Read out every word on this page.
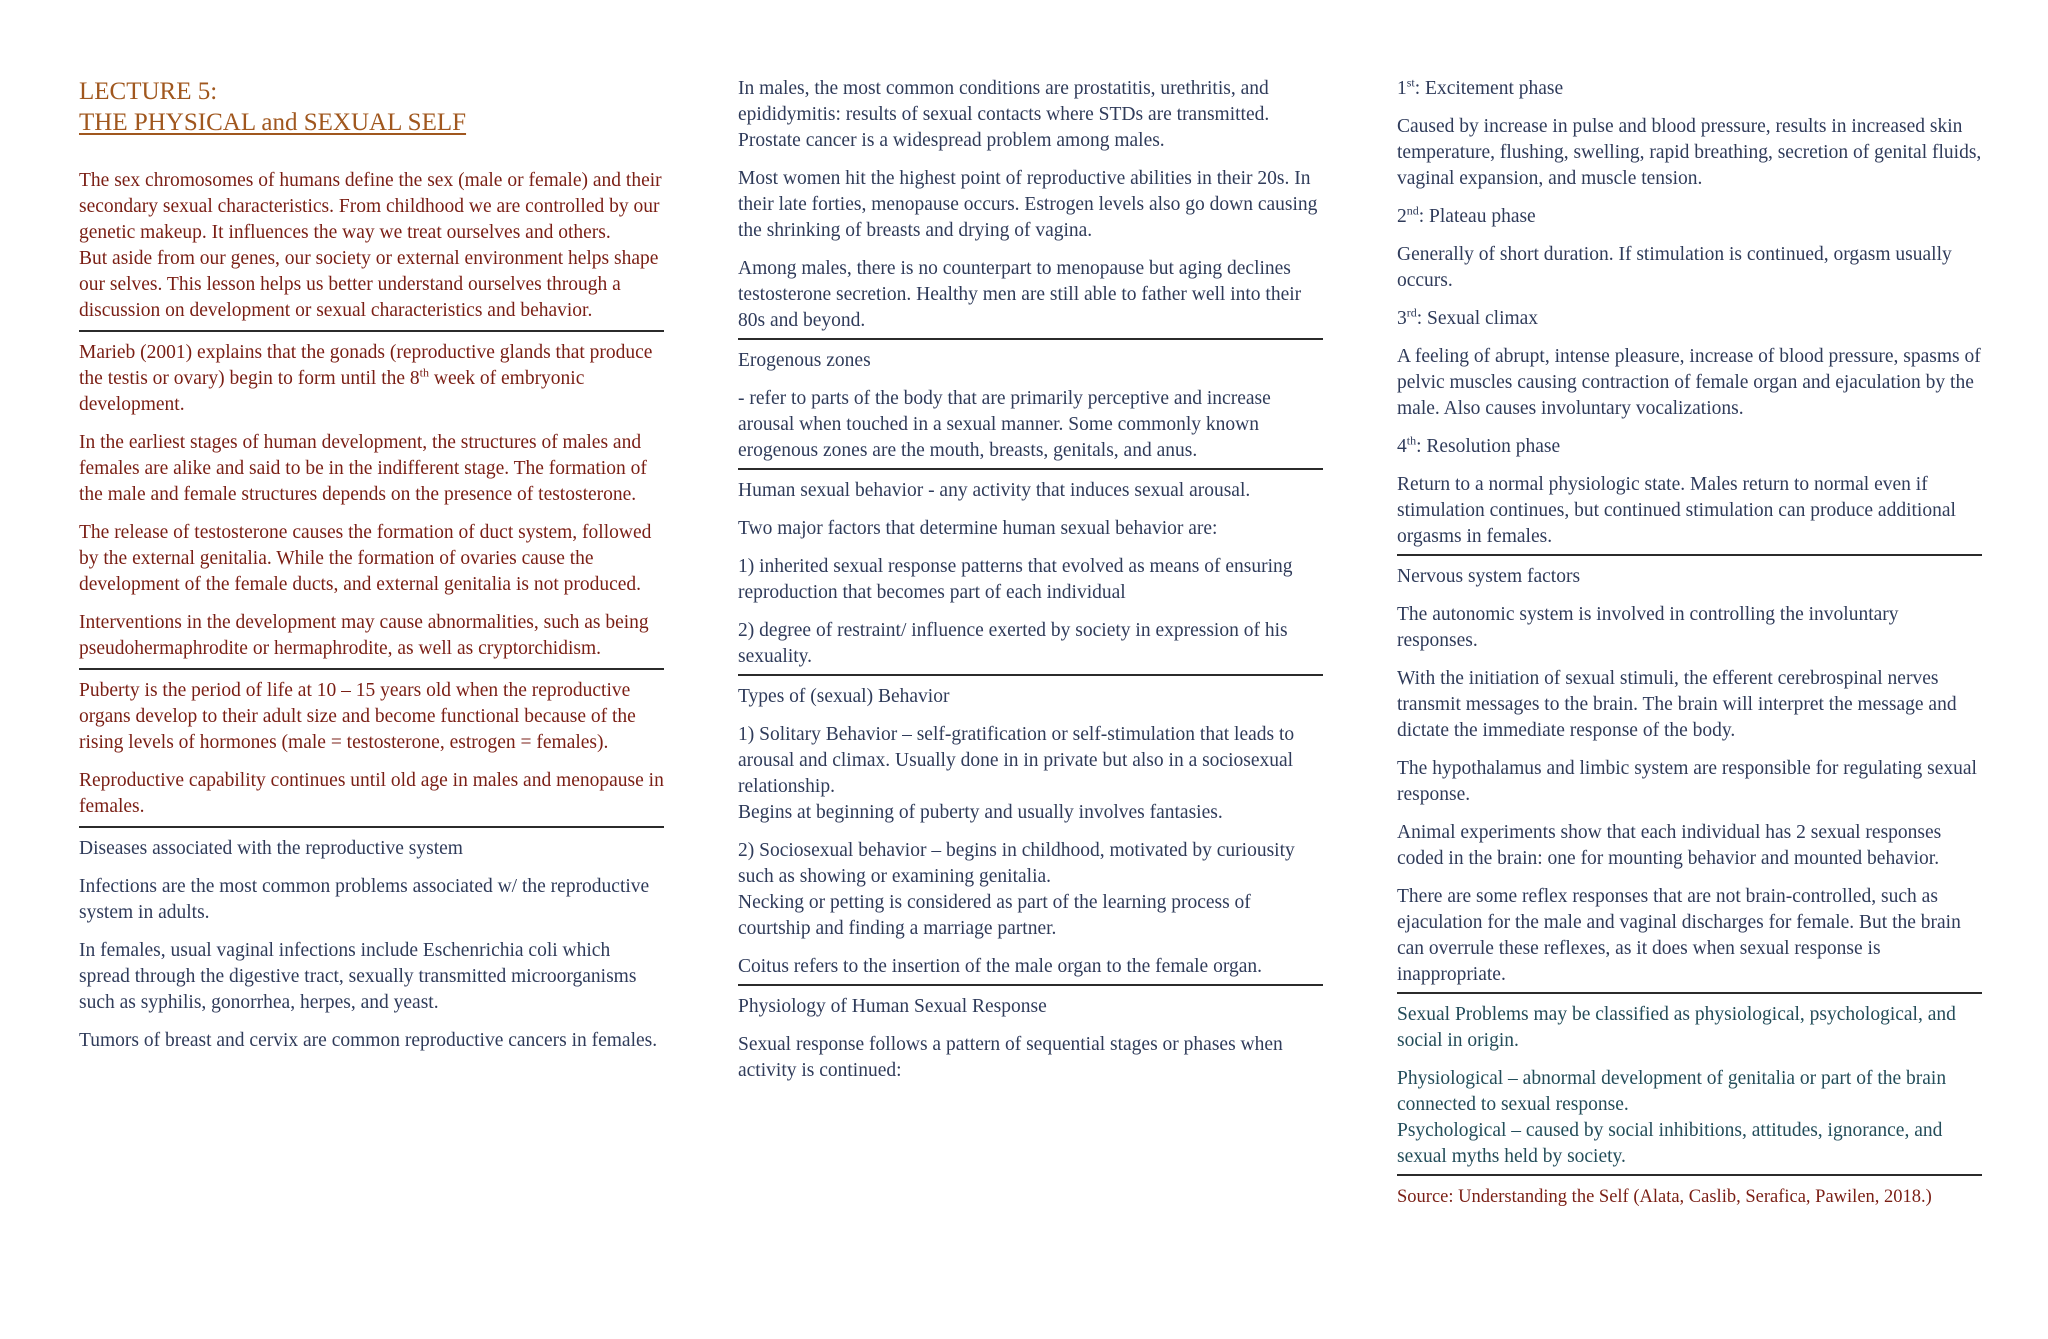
LECTURE 5:
THE PHYSICAL and SEXUAL SELF

The sex chromosomes of humans define the sex (male or female) and their secondary sexual characteristics. From childhood we are controlled by our genetic makeup. It influences the way we treat ourselves and others.

But aside from our genes, our society or external environment helps shape our selves. This lesson helps us better understand ourselves through a discussion on development or sexual characteristics and behavior.

Marieb (2001) explains that the gonads (reproductive glands that produce the testis or ovary) begin to form until the 8th week of embryonic development.

In the earliest stages of human development, the structures of males and females are alike and said to be in the indifferent stage. The formation of the male and female structures depends on the presence of testosterone.

The release of testosterone causes the formation of duct system, followed by the external genitalia. While the formation of ovaries cause the development of the female ducts, and external genitalia is not produced.

Interventions in the development may cause abnormalities, such as being pseudohermaphrodite or hermaphrodite, as well as cryptorchidism.

Puberty is the period of life at 10 – 15 years old when the reproductive organs develop to their adult size and become functional because of the rising levels of hormones (male = testosterone, estrogen = females).

Reproductive capability continues until old age in males and menopause in females.

Diseases associated with the reproductive system

Infections are the most common problems associated w/ the reproductive system in adults.

In females, usual vaginal infections include Eschenrichia coli which spread through the digestive tract, sexually transmitted microorganisms such as syphilis, gonorrhea, herpes, and yeast.

Tumors of breast and cervix are common reproductive cancers in females.

In males, the most common conditions are prostatitis, urethritis, and epididymitis: results of sexual contacts where STDs are transmitted. Prostate cancer is a widespread problem among males.

Most women hit the highest point of reproductive abilities in their 20s. In their late forties, menopause occurs. Estrogen levels also go down causing the shrinking of breasts and drying of vagina.

Among males, there is no counterpart to menopause but aging declines testosterone secretion. Healthy men are still able to father well into their 80s and beyond.

Erogenous zones

- refer to parts of the body that are primarily perceptive and increase arousal when touched in a sexual manner. Some commonly known erogenous zones are the mouth, breasts, genitals, and anus.

Human sexual behavior - any activity that induces sexual arousal.

Two major factors that determine human sexual behavior are:

1) inherited sexual response patterns that evolved as means of ensuring reproduction that becomes part of each individual

2) degree of restraint/ influence exerted by society in expression of his sexuality.

Types of (sexual) Behavior

1) Solitary Behavior – self-gratification or self-stimulation that leads to arousal and climax. Usually done in in private but also in a sociosexual relationship.

Begins at beginning of puberty and usually involves fantasies.

2) Sociosexual behavior – begins in childhood, motivated by curiousity such as showing or examining genitalia.

Necking or petting is considered as part of the learning process of courtship and finding a marriage partner.

Coitus refers to the insertion of the male organ to the female organ.

Physiology of Human Sexual Response

Sexual response follows a pattern of sequential stages or phases when activity is continued:

1st: Excitement phase

Caused by increase in pulse and blood pressure, results in increased skin temperature, flushing, swelling, rapid breathing, secretion of genital fluids, vaginal expansion, and muscle tension.

2nd: Plateau phase

Generally of short duration. If stimulation is continued, orgasm usually occurs.

3rd: Sexual climax

A feeling of abrupt, intense pleasure, increase of blood pressure, spasms of pelvic muscles causing contraction of female organ and ejaculation by the male. Also causes involuntary vocalizations.

4th: Resolution phase

Return to a normal physiologic state. Males return to normal even if stimulation continues, but continued stimulation can produce additional orgasms in females.

Nervous system factors

The autonomic system is involved in controlling the involuntary responses.

With the initiation of sexual stimuli, the efferent cerebrospinal nerves transmit messages to the brain. The brain will interpret the message and dictate the immediate response of the body.

The hypothalamus and limbic system are responsible for regulating sexual response.

Animal experiments show that each individual has 2 sexual responses coded in the brain: one for mounting behavior and mounted behavior.

There are some reflex responses that are not brain-controlled, such as ejaculation for the male and vaginal discharges for female. But the brain can overrule these reflexes, as it does when sexual response is inappropriate.

Sexual Problems may be classified as physiological, psychological, and social in origin.

Physiological – abnormal development of genitalia or part of the brain connected to sexual response.

Psychological – caused by social inhibitions, attitudes, ignorance, and sexual myths held by society.

Source: Understanding the Self (Alata, Caslib, Serafica, Pawilen, 2018.)
